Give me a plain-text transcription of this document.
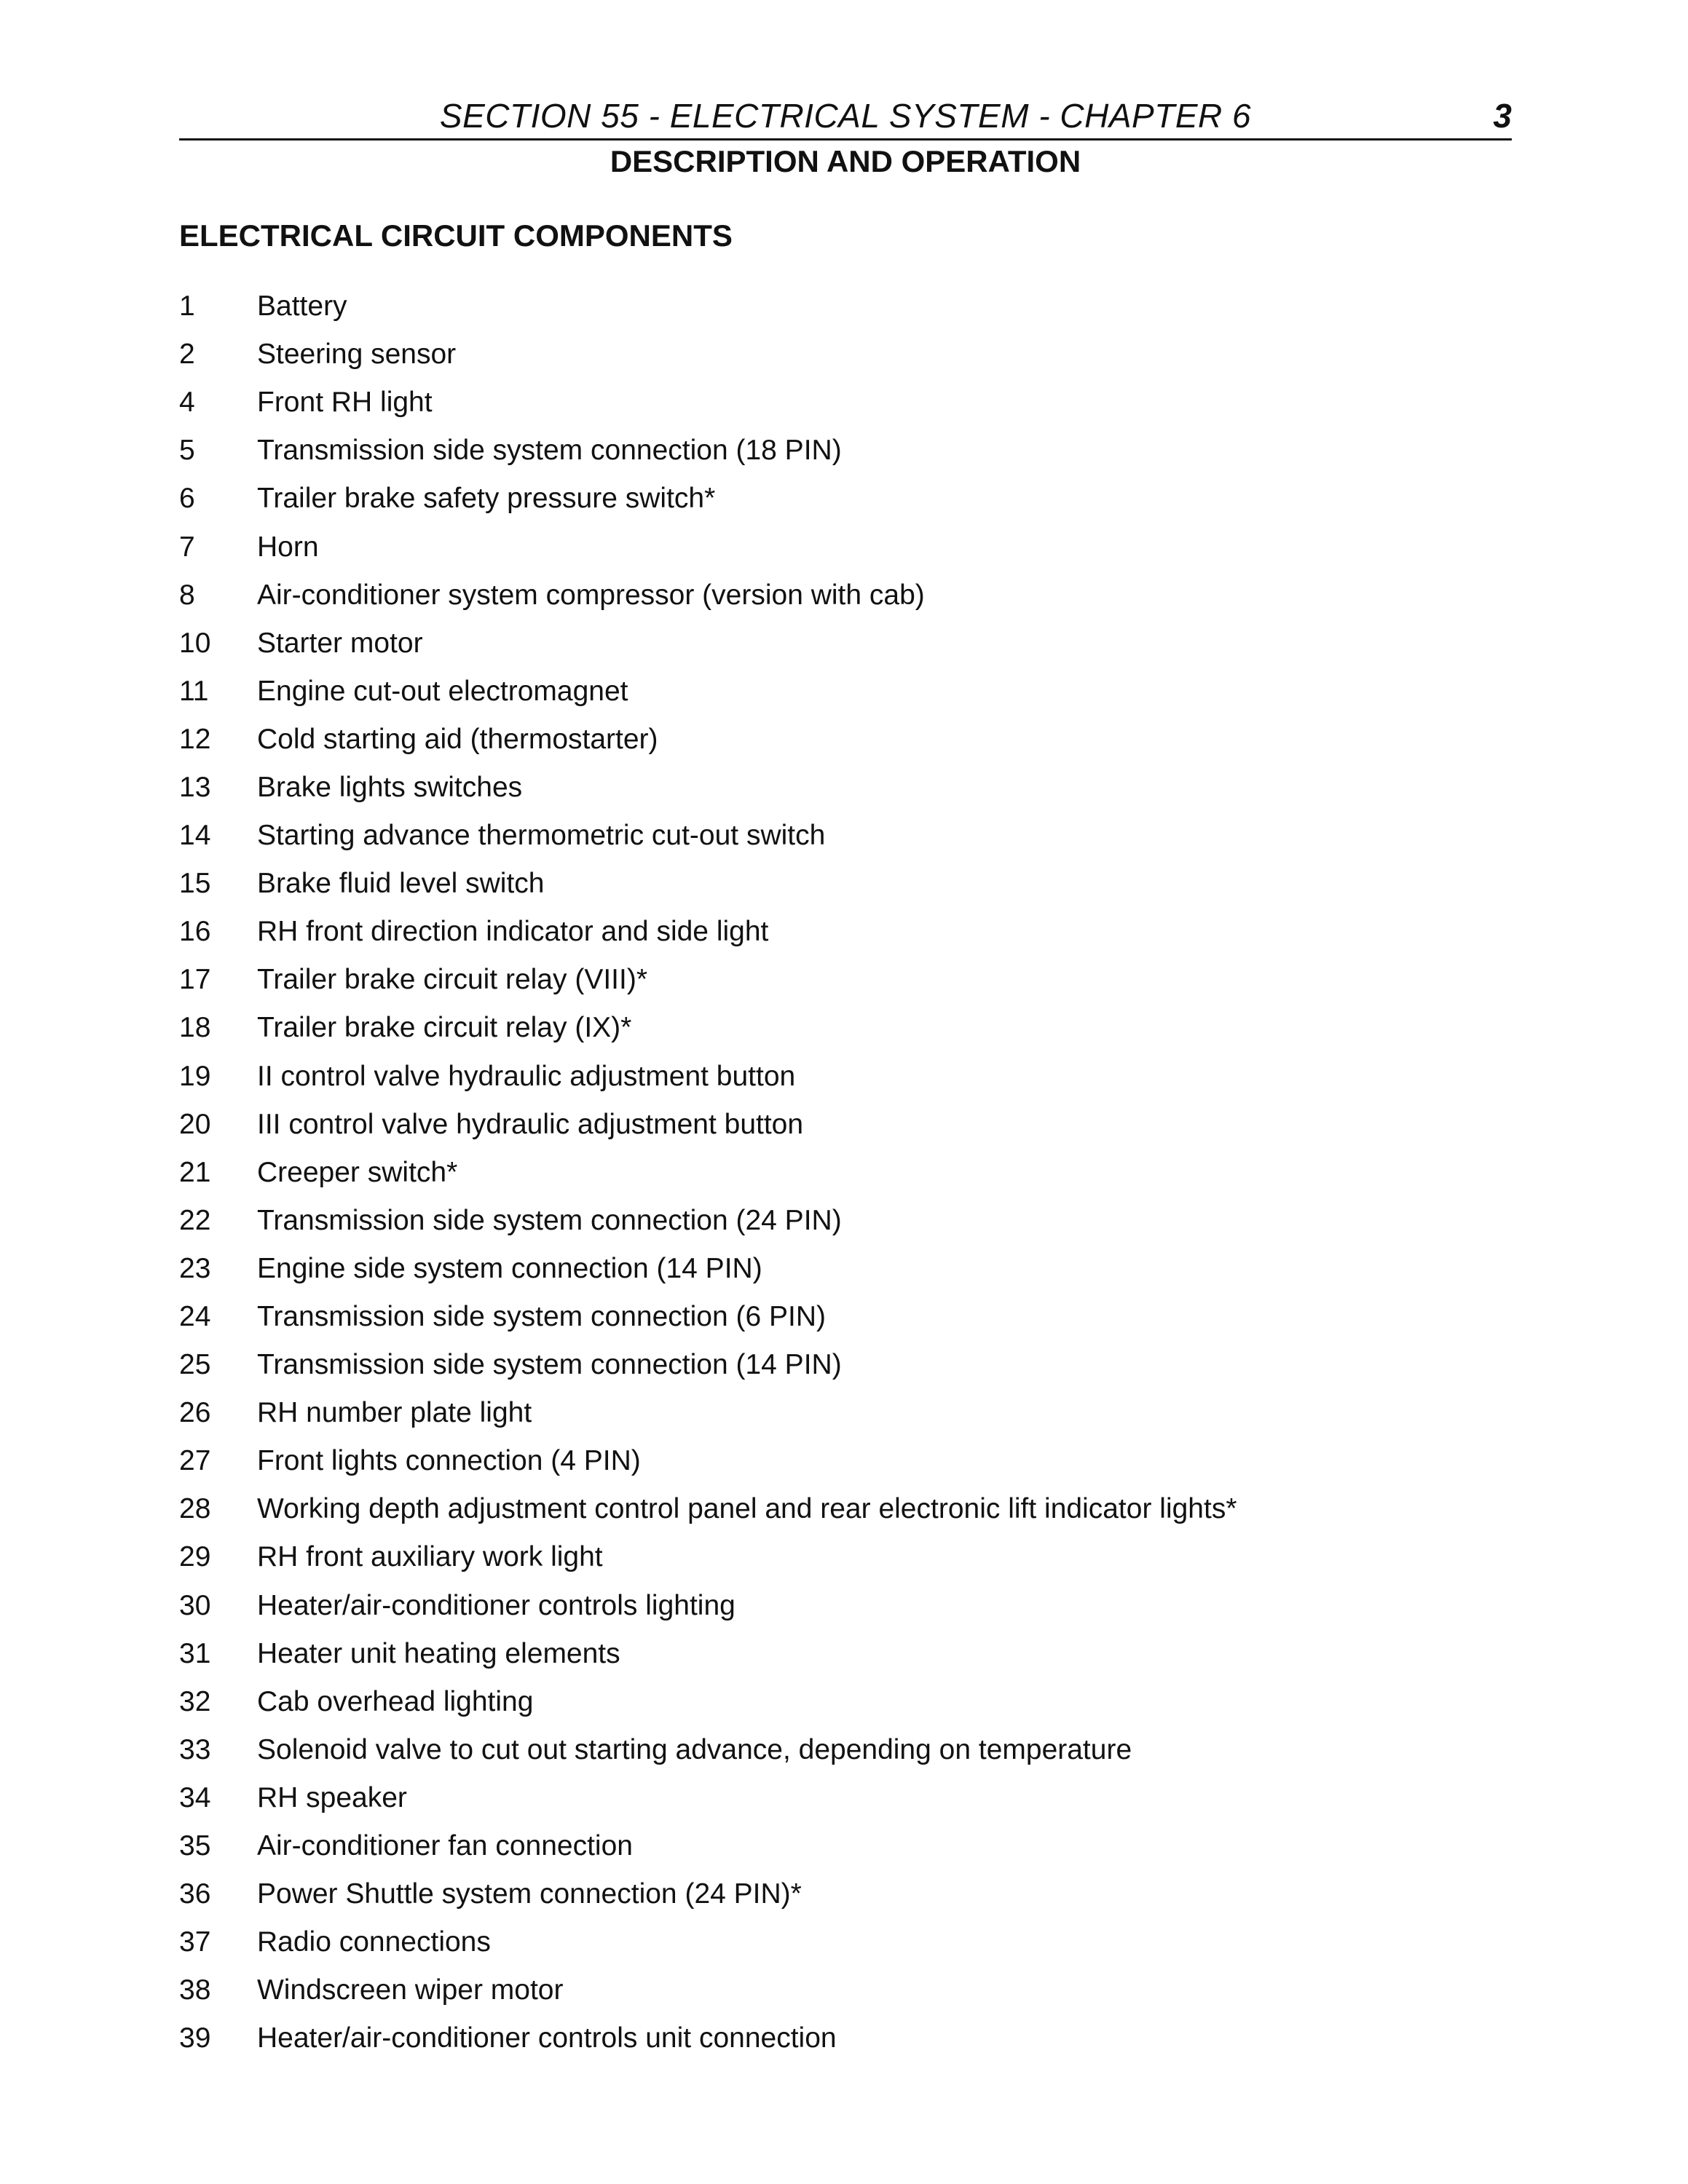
SECTION 55 - ELECTRICAL SYSTEM - CHAPTER 6	3
DESCRIPTION AND OPERATION
ELECTRICAL CIRCUIT COMPONENTS
1	Battery
2	Steering sensor
4	Front RH light
5	Transmission side system connection (18 PIN)
6	Trailer brake safety pressure switch*
7	Horn
8	Air-conditioner system compressor (version with cab)
10	Starter motor
11	Engine cut-out electromagnet
12	Cold starting aid (thermostarter)
13	Brake lights switches
14	Starting advance thermometric cut-out switch
15	Brake fluid level switch
16	RH front direction indicator and side light
17	Trailer brake circuit relay (VIII)*
18	Trailer brake circuit relay (IX)*
19	II control valve hydraulic adjustment button
20	III control valve hydraulic adjustment button
21	Creeper switch*
22	Transmission side system connection (24 PIN)
23	Engine side system connection (14 PIN)
24	Transmission side system connection (6 PIN)
25	Transmission side system connection (14 PIN)
26	RH number plate light
27	Front lights connection (4 PIN)
28	Working depth adjustment control panel and rear electronic lift indicator lights*
29	RH front auxiliary work light
30	Heater/air-conditioner controls lighting
31	Heater unit heating elements
32	Cab overhead lighting
33	Solenoid valve to cut out starting advance, depending on temperature
34	RH speaker
35	Air-conditioner fan connection
36	Power Shuttle system connection (24 PIN)*
37	Radio connections
38	Windscreen wiper motor
39	Heater/air-conditioner controls unit connection
